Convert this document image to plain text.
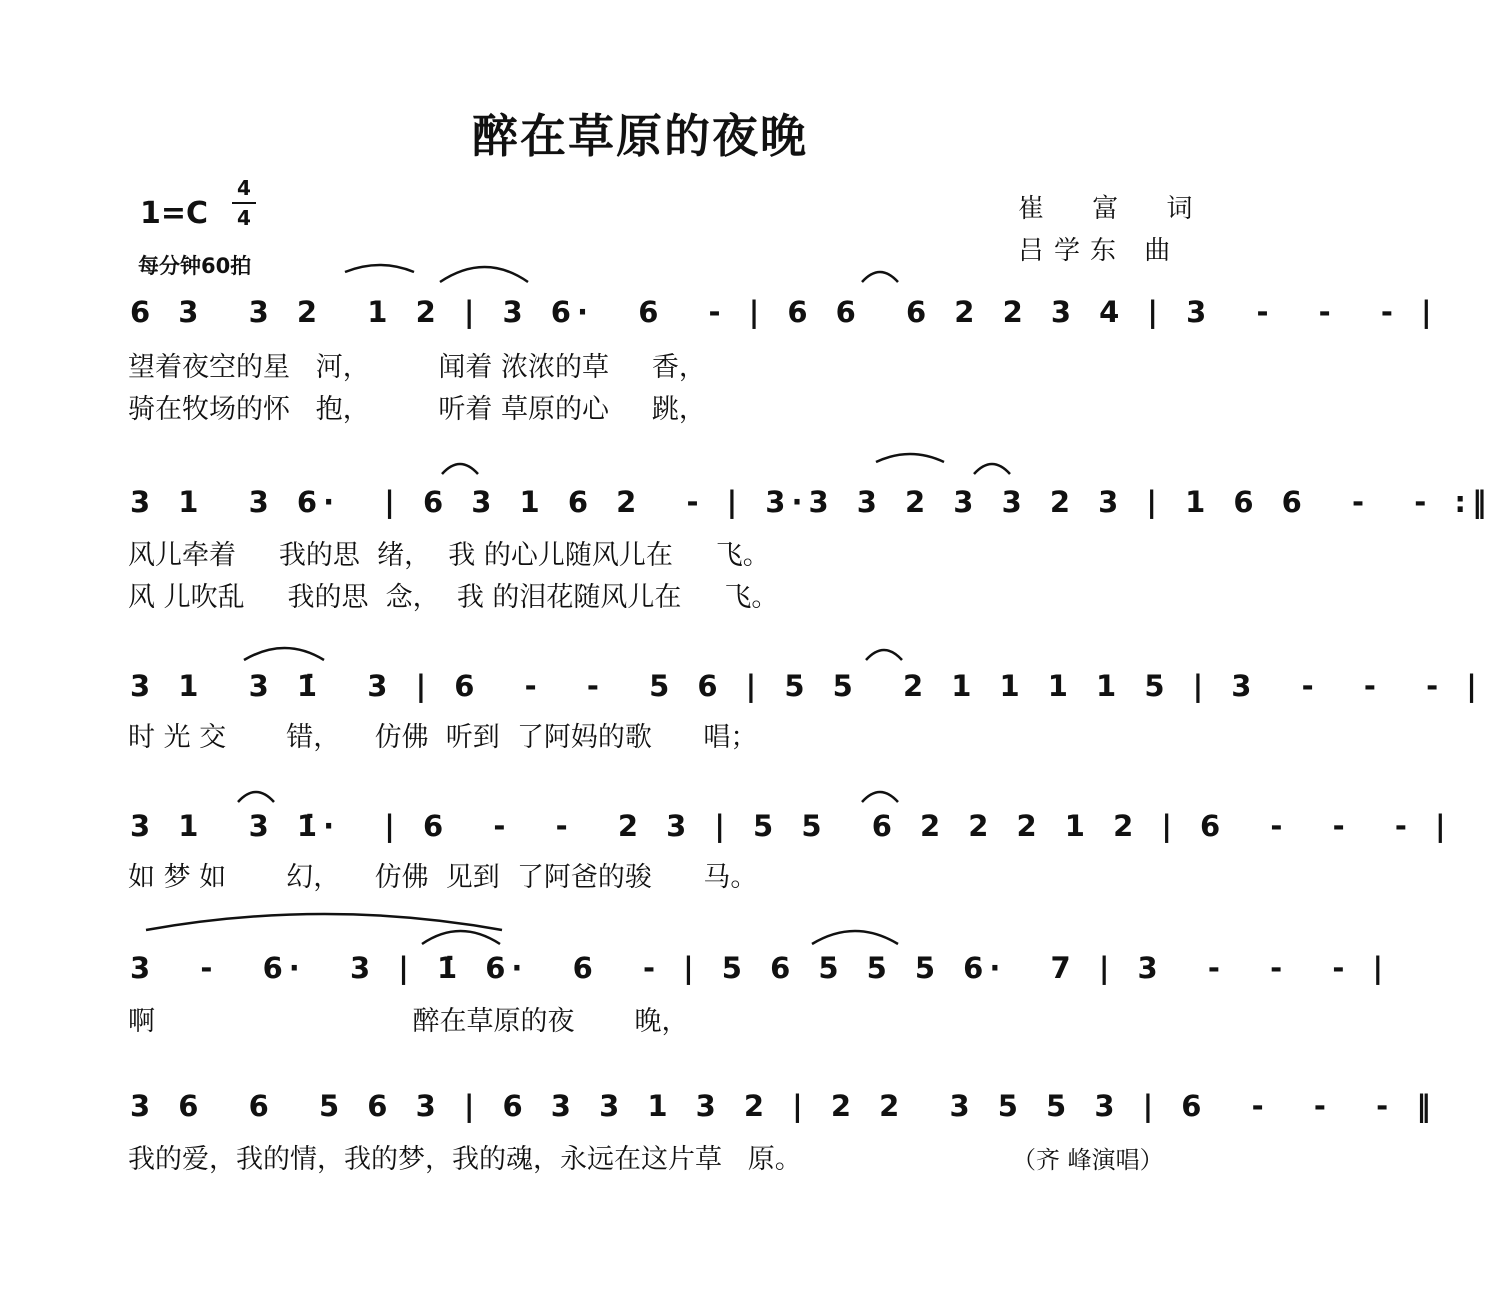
醉在草原的夜晚
1=C
4
4
每分钟60拍
崔 富 词
吕学东 曲
6 3  3 2  1 2 | 3 6·  6  - | 6 6  6 2 2 3 4 | 3  -  -  - |
望着夜空的星   河，        闻着 浓浓的草     香，
骑在牧场的怀   抱，        听着 草原的心     跳，
3 1  3 6·  | 6 3 1 6 2  - | 3·3 3 2 3 3 2 3 | 1 6 6  -  - :‖
风儿牵着     我的思  绪，  我 的心儿随风儿在     飞。
风 儿吹乱     我的思  念，  我 的泪花随风儿在     飞。
3 1  3 1̇  3 | 6  -  -  5 6 | 5 5  2 1 1 1 1 5 | 3  -  -  - |
时 光 交       错，    仿佛  听到  了阿妈的歌      唱；
3 1  3 1̇·  | 6  -  -  2 3 | 5 5  6 2 2 2 1 2 | 6  -  -  - |
如 梦 如       幻，    仿佛  见到  了阿爸的骏      马。
3  -  6·  3 | 1̇ 6·  6  - | 5 6 5 5 5 6·  7 | 3  -  -  - |
啊                              醉在草原的夜       晚，
3 6  6  5 6 3 | 6 3 3 1 3 2 | 2 2  3 5 5 3 | 6  -  -  - ‖
我的爱，我的情，我的梦，我的魂，永远在这片草   原。	（齐 峰演唱）
